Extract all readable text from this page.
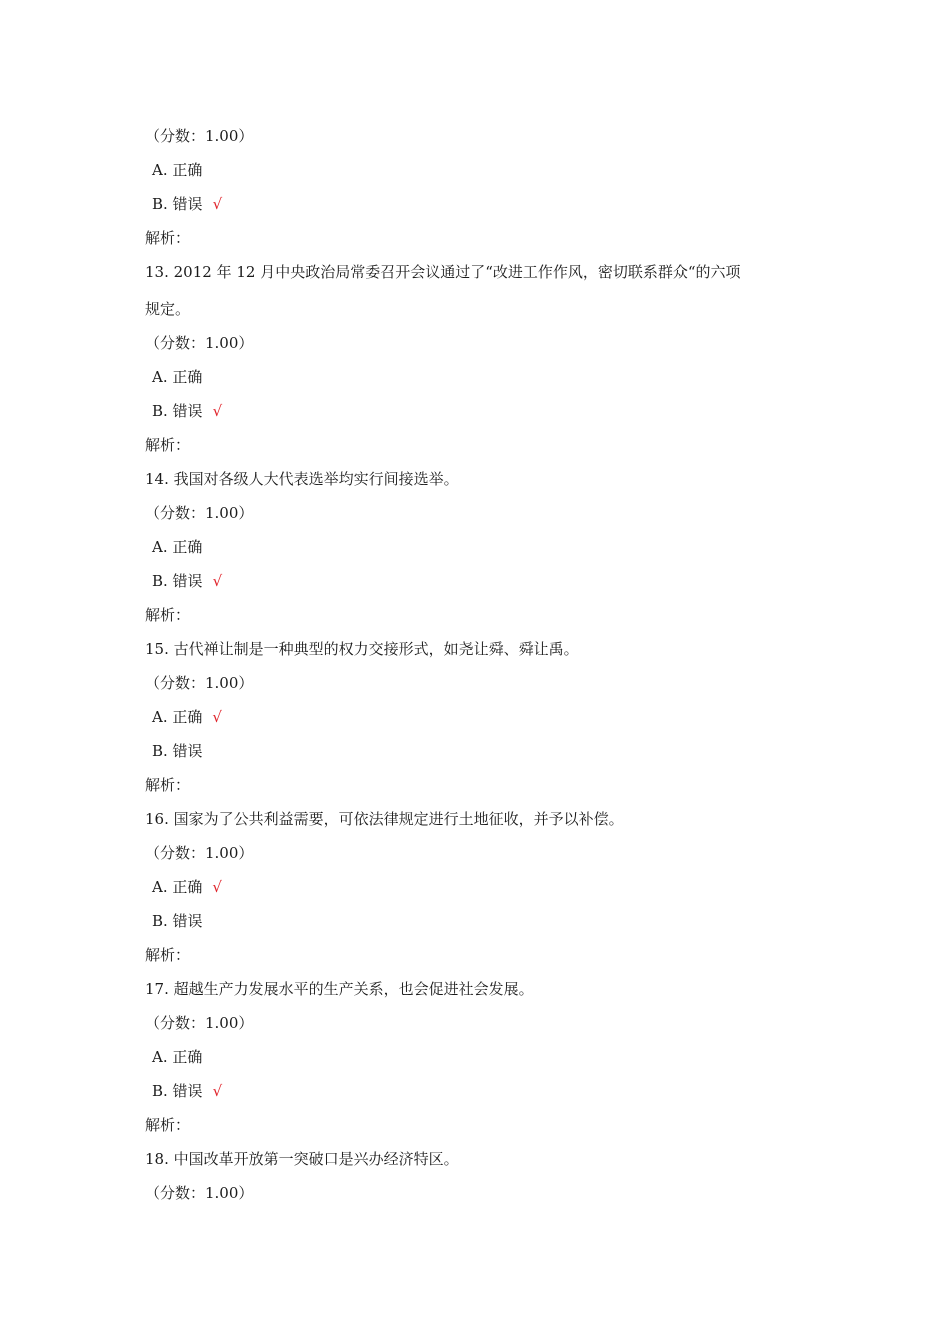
（分数：1.00）
A. 正确
B. 错误 √
解析：
13. 2012 年 12 月中央政治局常委召开会议通过了“改进工作作风，密切联系群众“的六项
规定。
（分数：1.00）
A. 正确
B. 错误 √
解析：
14. 我国对各级人大代表选举均实行间接选举。
（分数：1.00）
A. 正确
B. 错误 √
解析：
15. 古代禅让制是一种典型的权力交接形式，如尧让舜、舜让禹。
（分数：1.00）
A. 正确 √
B. 错误
解析：
16. 国家为了公共利益需要，可依法律规定进行土地征收，并予以补偿。
（分数：1.00）
A. 正确 √
B. 错误
解析：
17. 超越生产力发展水平的生产关系，也会促进社会发展。
（分数：1.00）
A. 正确
B. 错误 √
解析：
18. 中国改革开放第一突破口是兴办经济特区。
（分数：1.00）
